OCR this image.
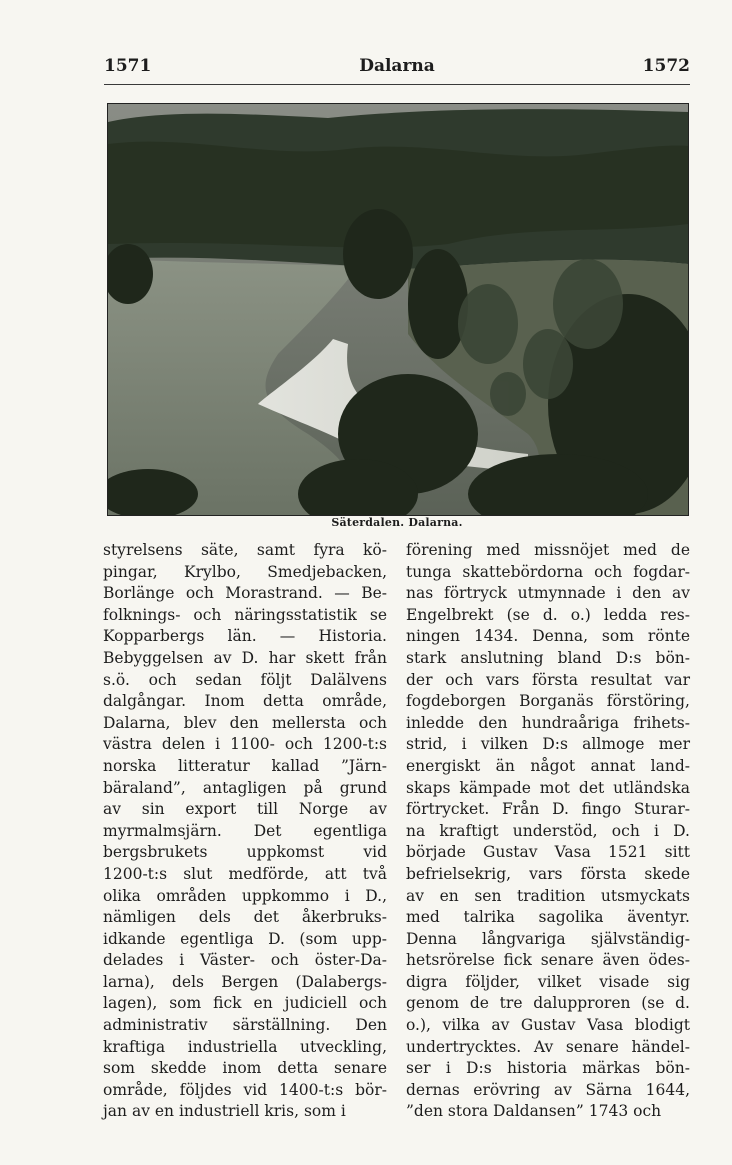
1571	Dalarna	1572
Säterdalen. Dalarna.
styrelsens säte, samt fyra kö-
pingar, Krylbo, Smedjebacken,
Borlänge och Morastrand. — Be-
folknings- och näringsstatistik se
Kopparbergs län. — Historia.
Bebyggelsen av D. har skett från
s.ö. och sedan följt Dalälvens
dalgångar. Inom detta område,
Dalarna, blev den mellersta och
västra delen i 1100- och 1200-t:s
norska litteratur kallad ”Järn-
bäraland”, antagligen på grund
av sin export till Norge av
myrmalmsjärn. Det egentliga
bergsbrukets uppkomst vid
1200-t:s slut medförde, att två
olika områden uppkommo i D.,
nämligen dels det åkerbruks-
idkande egentliga D. (som upp-
delades i Väster- och öster-Da-
larna), dels Bergen (Dalabergs-
lagen), som fick en judiciell och
administrativ särställning. Den
kraftiga industriella utveckling,
som skedde inom detta senare
område, följdes vid 1400-t:s bör-
jan av en industriell kris, som i
förening med missnöjet med de
tunga skattebördorna och fogdar-
nas förtryck utmynnade i den av
Engelbrekt (se d. o.) ledda res-
ningen 1434. Denna, som rönte
stark anslutning bland D:s bön-
der och vars första resultat var
fogdeborgen Borganäs förstöring,
inledde den hundraåriga frihets-
strid, i vilken D:s allmoge mer
energiskt än något annat land-
skaps kämpade mot det utländska
förtrycket. Från D. fingo Sturar-
na kraftigt understöd, och i D.
började Gustav Vasa 1521 sitt
befrielsekrig, vars första skede
av en sen tradition utsmyckats
med talrika sagolika äventyr.
Denna långvariga självständig-
hetsrörelse fick senare även ödes-
digra följder, vilket visade sig
genom de tre dalupproren (se d.
o.), vilka av Gustav Vasa blodigt
undertrycktes. Av senare händel-
ser i D:s historia märkas bön-
dernas erövring av Särna 1644,
”den stora Daldansen” 1743 och
